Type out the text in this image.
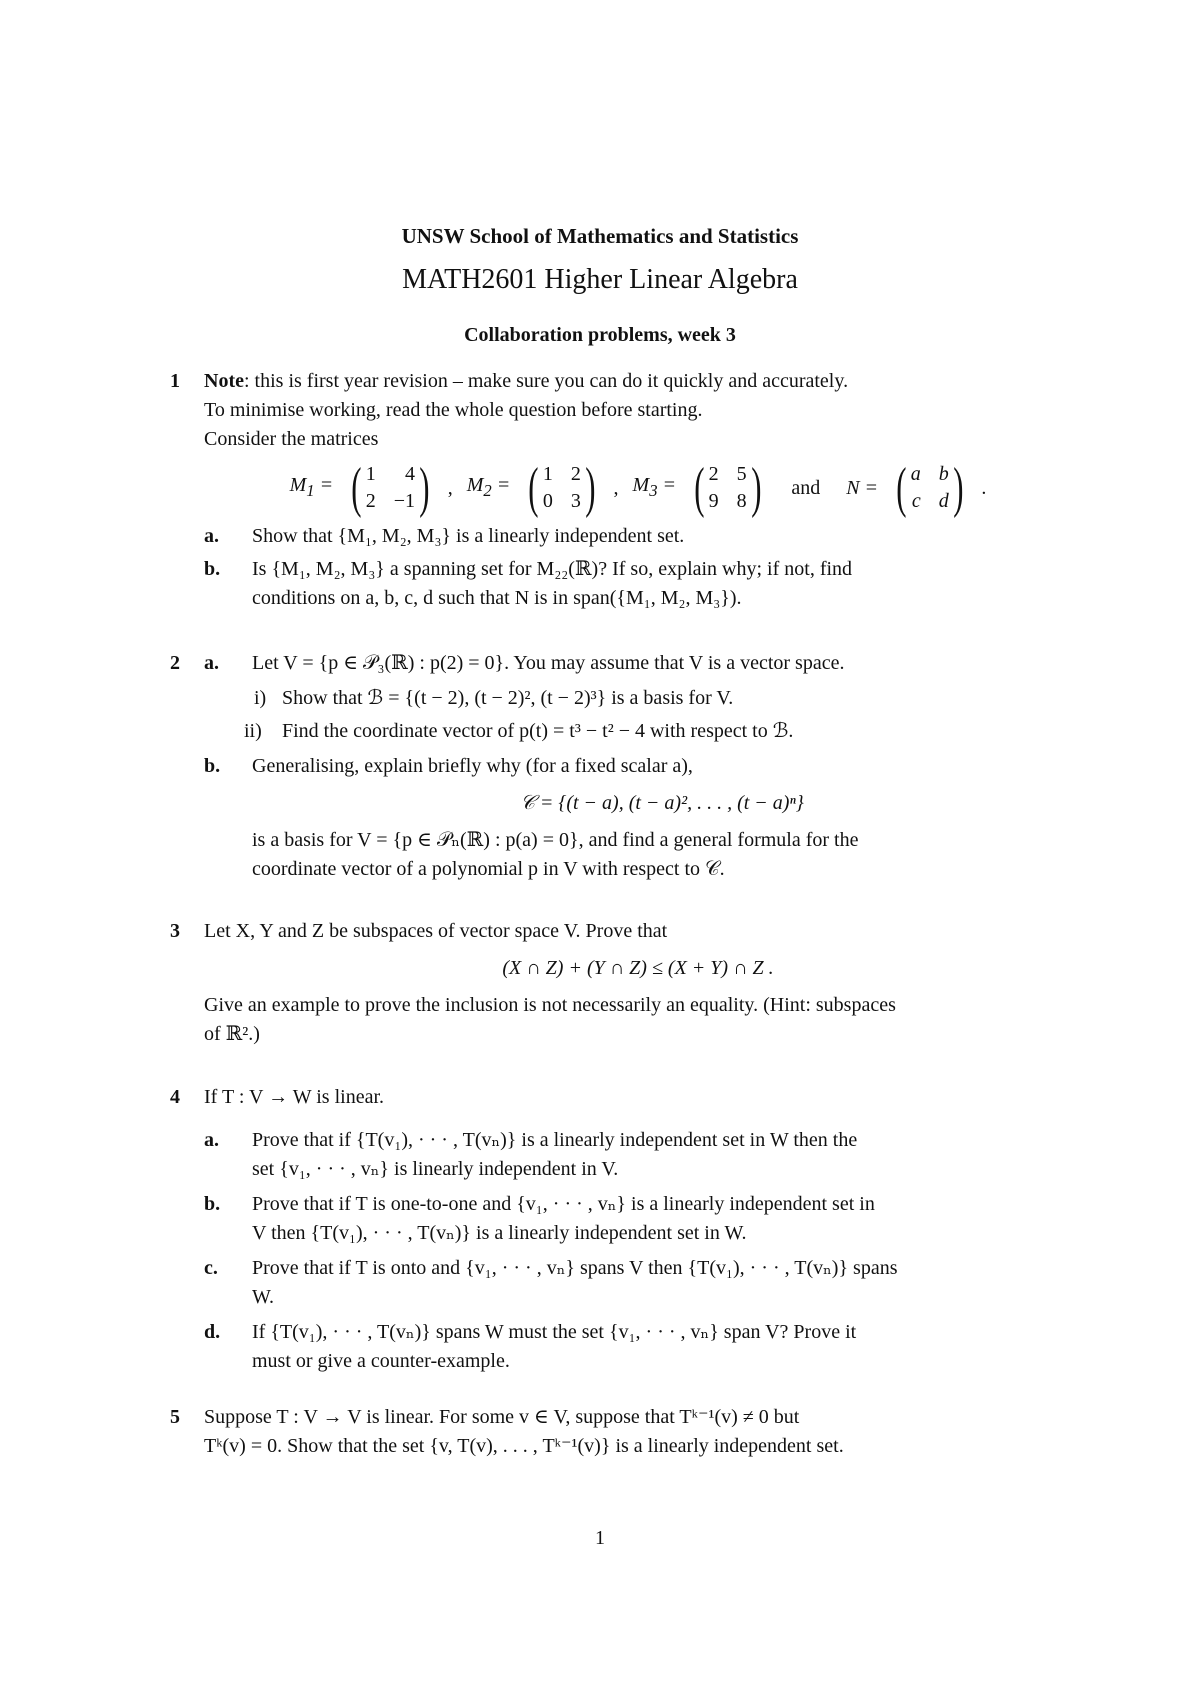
UNSW School of Mathematics and Statistics
MATH2601 Higher Linear Algebra
Collaboration problems, week 3
1 Note: this is first year revision – make sure you can do it quickly and accurately.
To minimise working, read the whole question before starting.
Consider the matrices
$M_1$ = ( 1	4
2 −1 ) , $M_2$ = ( 1 2
0 3 ) , $M_3$ = ( 2 5
9 8 ) and N = ( a b
c d ) .
a. Show that {M₁, M₂, M₃} is a linearly independent set.
b. Is {M₁, M₂, M₃} a spanning set for M₂₂(ℝ)? If so, explain why; if not, find
conditions on a, b, c, d such that N is in span({M₁, M₂, M₃}).
2 a. Let V = {p ∈ 𝒫₃(ℝ) : p(2) = 0}. You may assume that V is a vector space.
i) Show that ℬ = {(t − 2), (t − 2)², (t − 2)³} is a basis for V.
ii) Find the coordinate vector of p(t) = t³ − t² − 4 with respect to ℬ.
b. Generalising, explain briefly why (for a fixed scalar a),
𝒞 = {(t − a), (t − a)², . . . , (t − a)ⁿ}
is a basis for V = {p ∈ 𝒫ₙ(ℝ) : p(a) = 0}, and find a general formula for the
coordinate vector of a polynomial p in V with respect to 𝒞.
3 Let X, Y and Z be subspaces of vector space V. Prove that
(X ∩ Z) + (Y ∩ Z) ≤ (X + Y) ∩ Z .
Give an example to prove the inclusion is not necessarily an equality. (Hint: subspaces
of ℝ².)
4 If T : V → W is linear.
a. Prove that if {T(v₁), · · · , T(vₙ)} is a linearly independent set in W then the
set {v₁, · · · , vₙ} is linearly independent in V.
b. Prove that if T is one-to-one and {v₁, · · · , vₙ} is a linearly independent set in
V then {T(v₁), · · · , T(vₙ)} is a linearly independent set in W.
c. Prove that if T is onto and {v₁, · · · , vₙ} spans V then {T(v₁), · · · , T(vₙ)} spans
W.
d. If {T(v₁), · · · , T(vₙ)} spans W must the set {v₁, · · · , vₙ} span V? Prove it
must or give a counter-example.
5 Suppose T : V → V is linear. For some v ∈ V, suppose that Tᵏ⁻¹(v) ≠ 0 but
Tᵏ(v) = 0. Show that the set {v, T(v), . . . , Tᵏ⁻¹(v)} is a linearly independent set.
1
